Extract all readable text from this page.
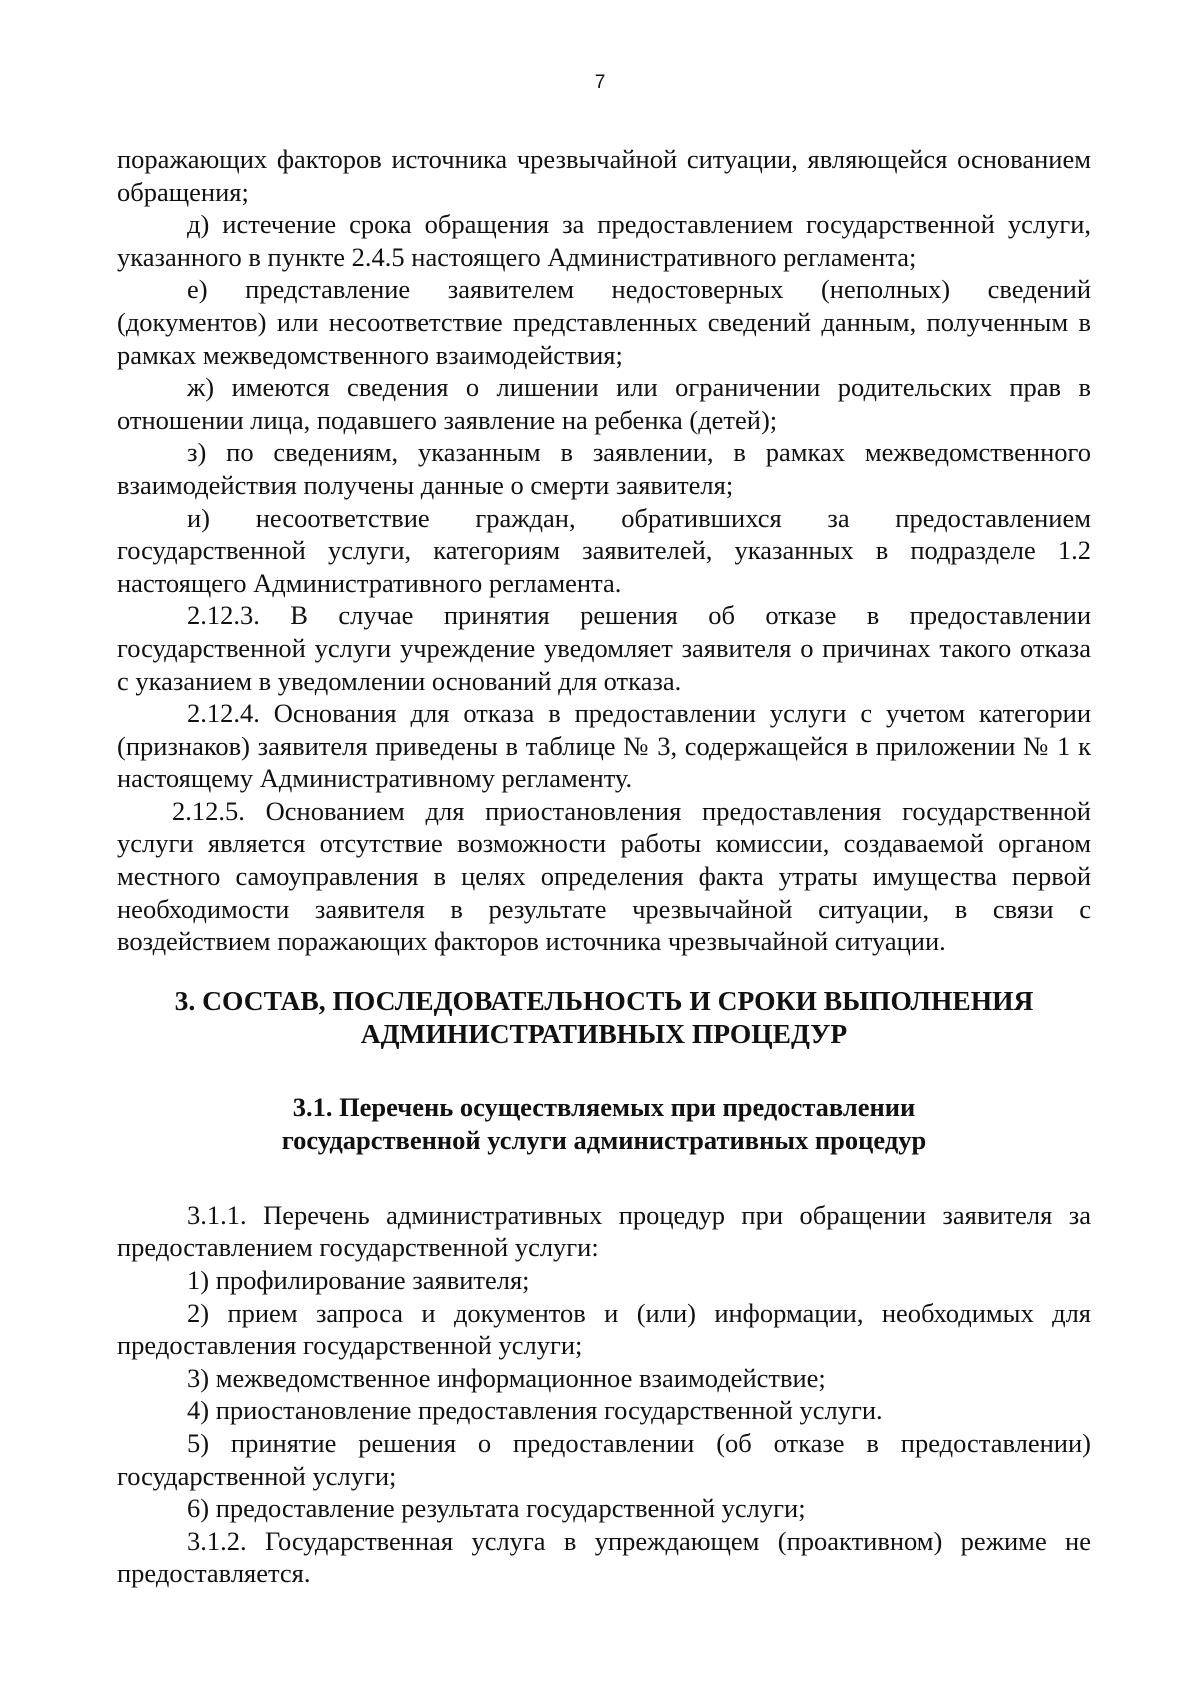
7

поражающих факторов источника чрезвычайной ситуации, являющейся основанием обращения;

д) истечение срока обращения за предоставлением государственной услуги, указанного в пункте 2.4.5 настоящего Административного регламента;

е) представление заявителем недостоверных (неполных) сведений (документов) или несоответствие представленных сведений данным, полученным в рамках межведомственного взаимодействия;

ж) имеются сведения о лишении или ограничении родительских прав в отношении лица, подавшего заявление на ребенка (детей);

з) по сведениям, указанным в заявлении, в рамках межведомственного взаимодействия получены данные о смерти заявителя;

и) несоответствие граждан, обратившихся за предоставлением государственной услуги, категориям заявителей, указанных в подразделе 1.2 настоящего Административного регламента.

2.12.3. В случае принятия решения об отказе в предоставлении государственной услуги учреждение уведомляет заявителя о причинах такого отказа с указанием в уведомлении оснований для отказа.

2.12.4. Основания для отказа в предоставлении услуги с учетом категории (признаков) заявителя приведены в таблице № 3, содержащейся в приложении № 1 к настоящему Административному регламенту.

2.12.5. Основанием для приостановления предоставления государственной услуги является отсутствие возможности работы комиссии, создаваемой органом местного самоуправления в целях определения факта утраты имущества первой необходимости заявителя в результате чрезвычайной ситуации, в связи с воздействием поражающих факторов источника чрезвычайной ситуации.

3. СОСТАВ, ПОСЛЕДОВАТЕЛЬНОСТЬ И СРОКИ ВЫПОЛНЕНИЯ
АДМИНИСТРАТИВНЫХ ПРОЦЕДУР

3.1. Перечень осуществляемых при предоставлении
государственной услуги административных процедур

3.1.1. Перечень административных процедур при обращении заявителя за предоставлением государственной услуги:

1) профилирование заявителя;

2) прием запроса и документов и (или) информации, необходимых для предоставления государственной услуги;

3) межведомственное информационное взаимодействие;

4) приостановление предоставления государственной услуги.

5) принятие решения о предоставлении (об отказе в предоставлении) государственной услуги;

6) предоставление результата государственной услуги;

3.1.2. Государственная услуга в упреждающем (проактивном) режиме не предоставляется.
